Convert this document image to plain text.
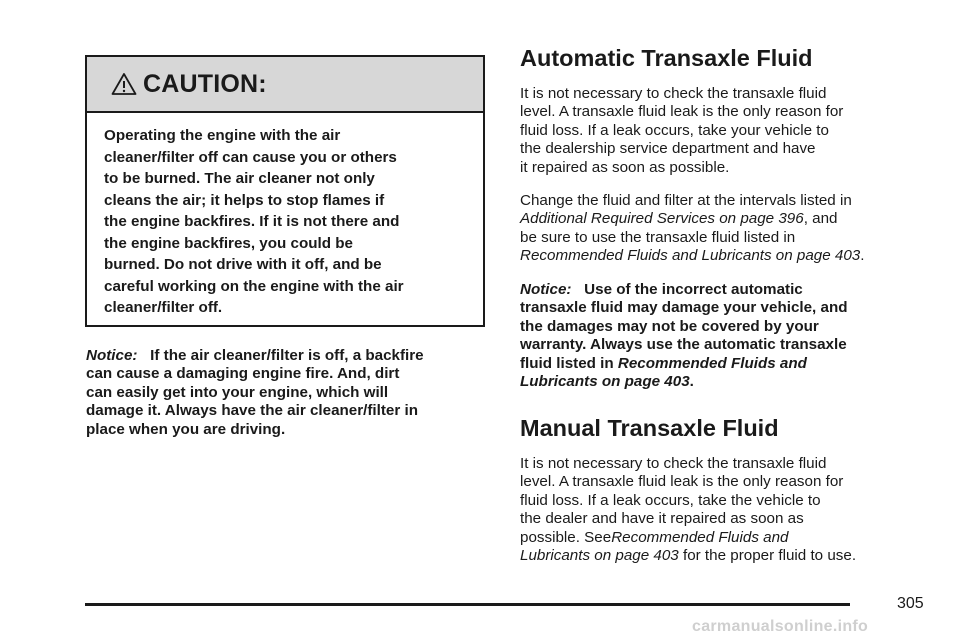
CAUTION:
Operating the engine with the air
cleaner/filter off can cause you or others
to be burned. The air cleaner not only
cleans the air; it helps to stop flames if
the engine backfires. If it is not there and
the engine backfires, you could be
burned. Do not drive with it off, and be
careful working on the engine with the air
cleaner/filter off.
Notice: If the air cleaner/filter is off, a backfire
can cause a damaging engine fire. And, dirt
can easily get into your engine, which will
damage it. Always have the air cleaner/filter in
place when you are driving.
Automatic Transaxle Fluid
It is not necessary to check the transaxle fluid
level. A transaxle fluid leak is the only reason for
fluid loss. If a leak occurs, take your vehicle to
the dealership service department and have
it repaired as soon as possible.
Change the fluid and filter at the intervals listed in
Additional Required Services on page 396, and
be sure to use the transaxle fluid listed in
Recommended Fluids and Lubricants on page 403.
Notice: Use of the incorrect automatic
transaxle fluid may damage your vehicle, and
the damages may not be covered by your
warranty. Always use the automatic transaxle
fluid listed in Recommended Fluids and
Lubricants on page 403.
Manual Transaxle Fluid
It is not necessary to check the transaxle fluid
level. A transaxle fluid leak is the only reason for
fluid loss. If a leak occurs, take the vehicle to
the dealer and have it repaired as soon as
possible. SeeRecommended Fluids and
Lubricants on page 403 for the proper fluid to use.
305
carmanualsonline.info
